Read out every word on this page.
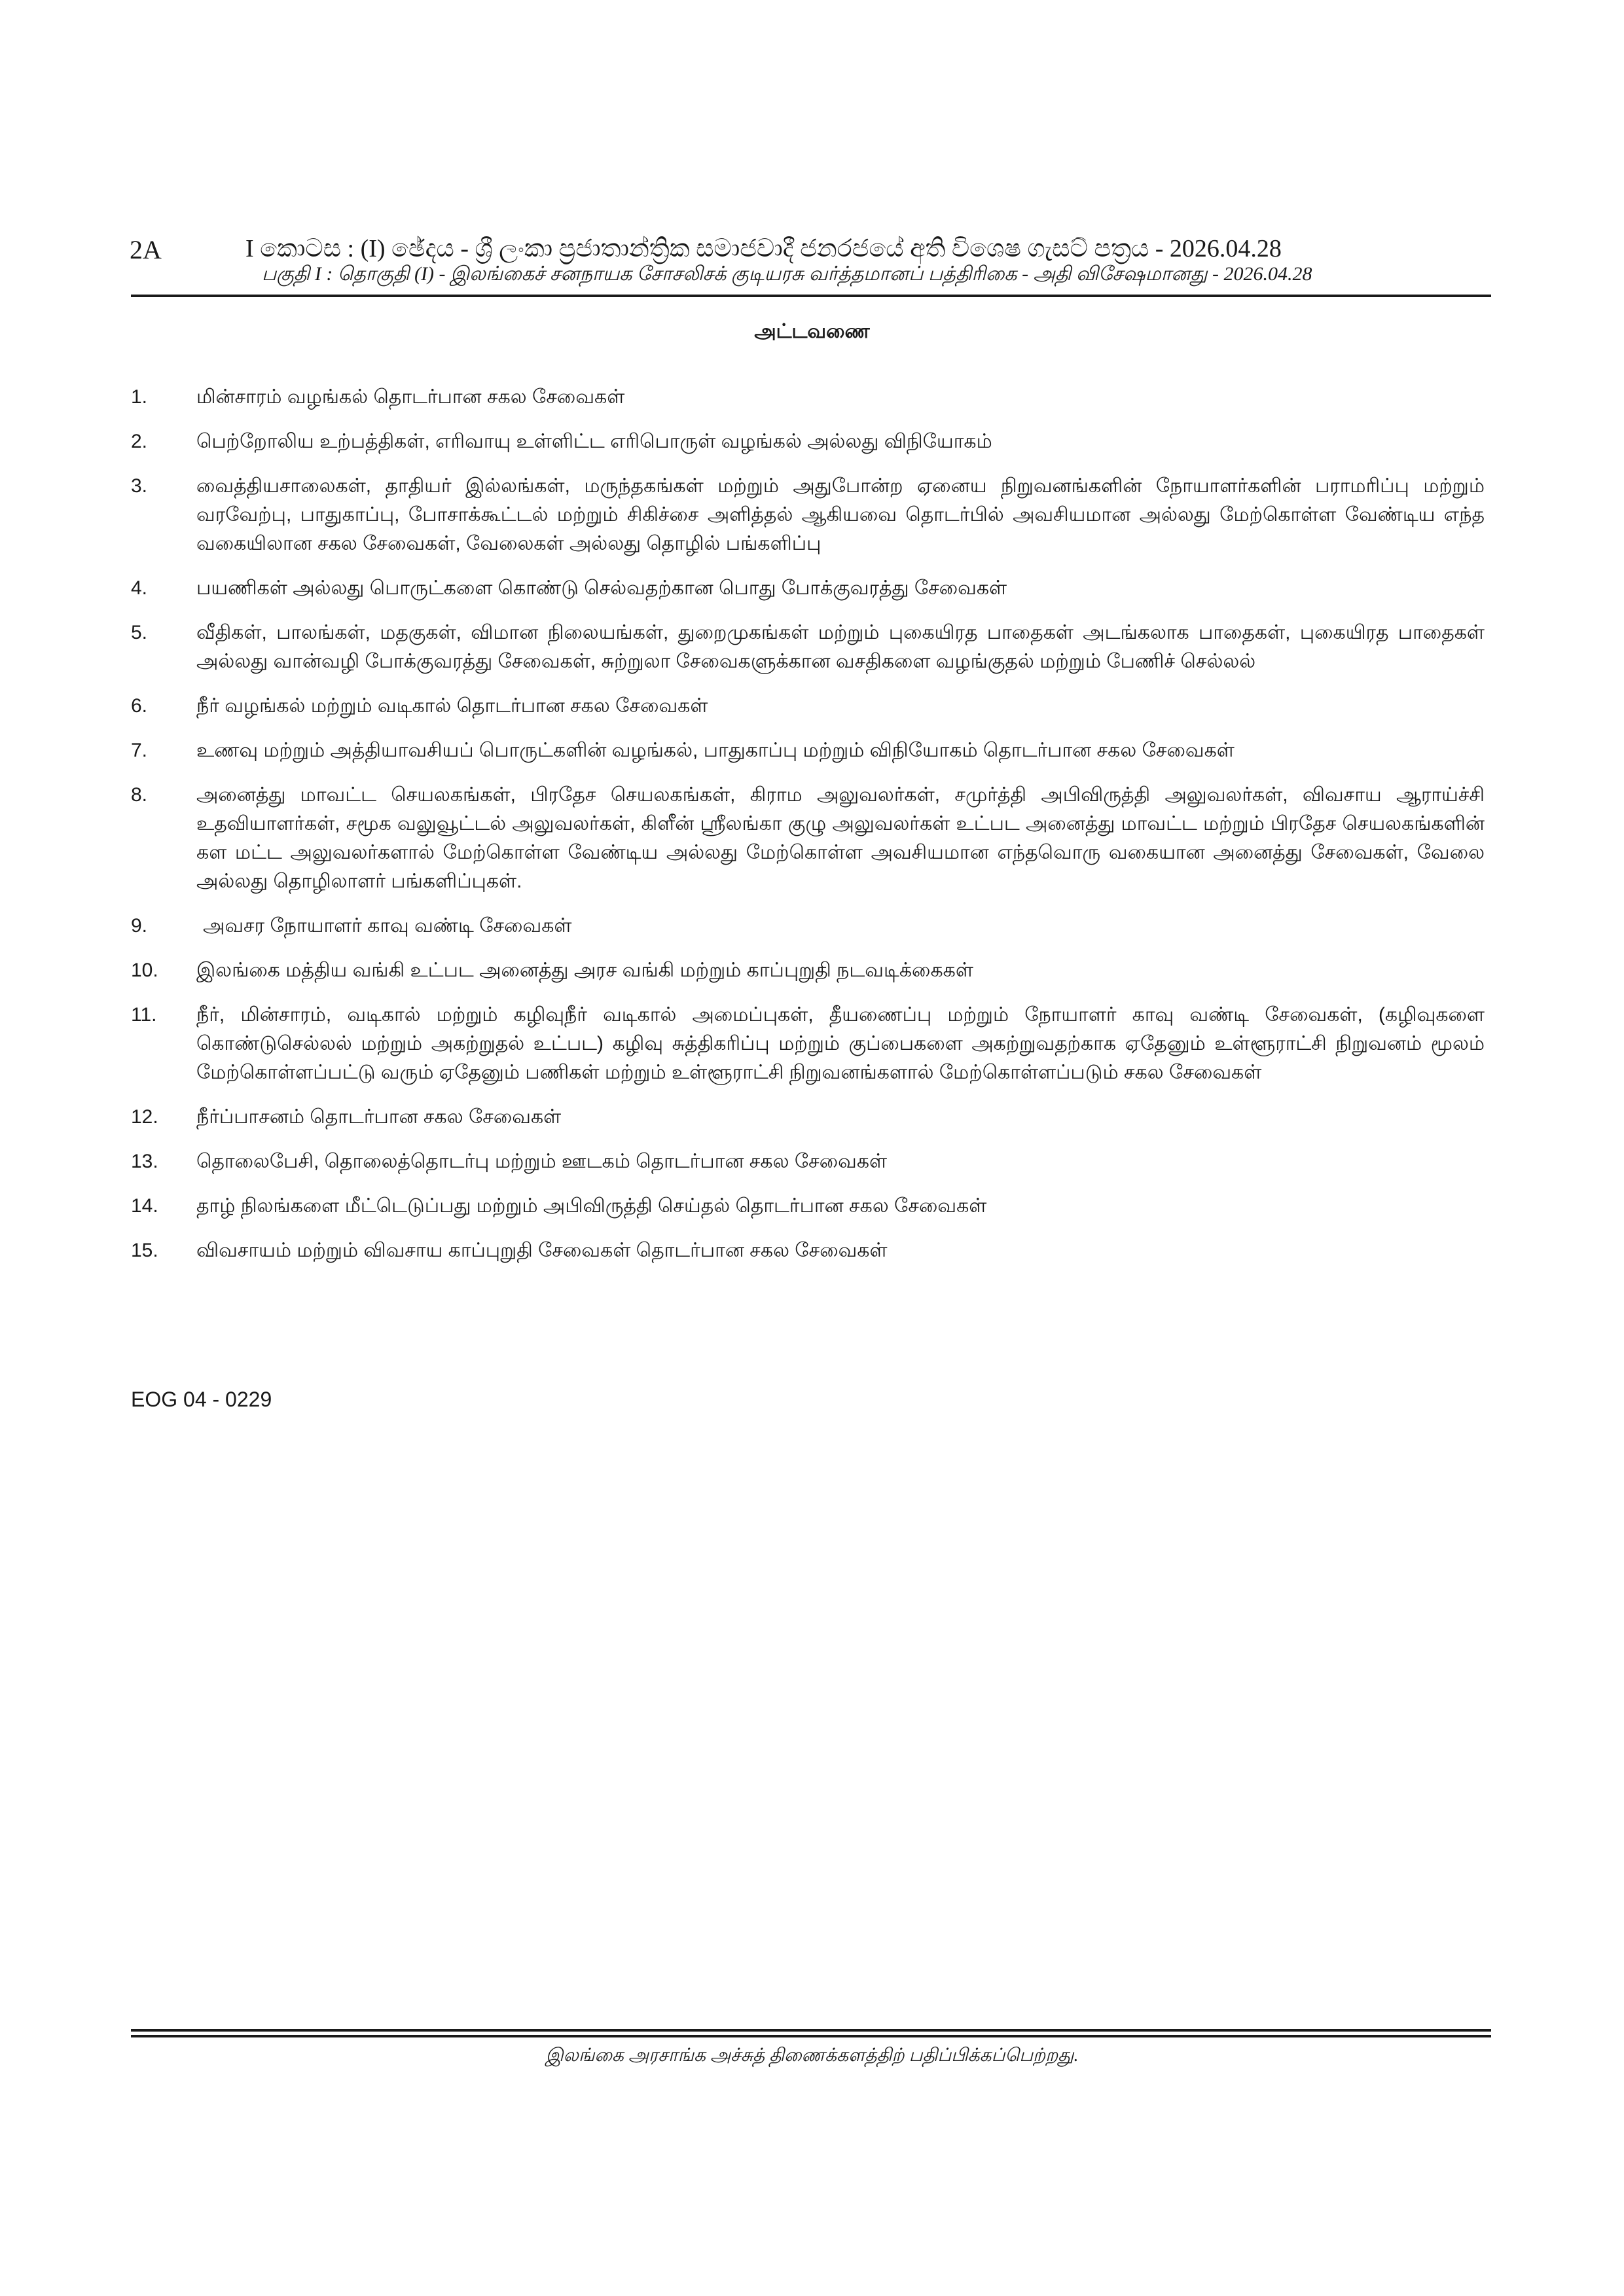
2A	I කොටස : (I) ඡේදය - ශ්‍රී ලංකා ප්‍රජාතාන්ත්‍රික සමාජවාදී ජනරජයේ අති විශෙෂ ගැසට් පත්‍රය - 2026.04.28
பகுதி I : தொகுதி (I) - இலங்கைச் சனநாயக சோசலிசக் குடியரசு வர்த்தமானப் பத்திரிகை - அதி விசேஷமானது - 2026.04.28
அட்டவணை
1.	மின்சாரம் வழங்கல் தொடர்பான சகல சேவைகள்
2.	பெற்றோலிய உற்பத்திகள், எரிவாயு உள்ளிட்ட எரிபொருள் வழங்கல் அல்லது விநியோகம்
3.	வைத்தியசாலைகள், தாதியர் இல்லங்கள், மருந்தகங்கள் மற்றும் அதுபோன்ற ஏனைய நிறுவனங்களின் நோயாளர்களின் பராமரிப்பு மற்றும் வரவேற்பு, பாதுகாப்பு, போசாக்கூட்டல் மற்றும் சிகிச்சை அளித்தல் ஆகியவை தொடர்பில் அவசியமான அல்லது மேற்கொள்ள வேண்டிய எந்த வகையிலான சகல சேவைகள், வேலைகள் அல்லது தொழில் பங்களிப்பு
4.	பயணிகள் அல்லது பொருட்களை கொண்டு செல்வதற்கான பொது போக்குவரத்து சேவைகள்
5.	வீதிகள், பாலங்கள், மதகுகள், விமான நிலையங்கள், துறைமுகங்கள் மற்றும் புகையிரத பாதைகள் அடங்கலாக பாதைகள், புகையிரத பாதைகள் அல்லது வான்வழி போக்குவரத்து சேவைகள், சுற்றுலா சேவைகளுக்கான வசதிகளை வழங்குதல் மற்றும் பேணிச் செல்லல்
6.	நீர் வழங்கல் மற்றும் வடிகால் தொடர்பான சகல சேவைகள்
7.	உணவு மற்றும் அத்தியாவசியப் பொருட்களின் வழங்கல், பாதுகாப்பு மற்றும் விநியோகம் தொடர்பான சகல சேவைகள்
8.	அனைத்து மாவட்ட செயலகங்கள், பிரதேச செயலகங்கள், கிராம அலுவலர்கள், சமுர்த்தி அபிவிருத்தி அலுவலர்கள், விவசாய ஆராய்ச்சி உதவியாளர்கள், சமூக வலுவூட்டல் அலுவலர்கள், கிளீன் ஸ்ரீலங்கா குழு அலுவலர்கள் உட்பட அனைத்து மாவட்ட மற்றும் பிரதேச செயலகங்களின் கள மட்ட அலுவலர்களால் மேற்கொள்ள வேண்டிய அல்லது மேற்கொள்ள அவசியமான எந்தவொரு வகையான அனைத்து சேவைகள், வேலை அல்லது தொழிலாளர் பங்களிப்புகள்.
9.	அவசர நோயாளர் காவு வண்டி சேவைகள்
10.	இலங்கை மத்திய வங்கி உட்பட அனைத்து அரச வங்கி மற்றும் காப்புறுதி நடவடிக்கைகள்
11.	நீர், மின்சாரம், வடிகால் மற்றும் கழிவுநீர் வடிகால் அமைப்புகள், தீயணைப்பு மற்றும் நோயாளர் காவு வண்டி சேவைகள், (கழிவுகளை கொண்டுசெல்லல் மற்றும் அகற்றுதல் உட்பட) கழிவு சுத்திகரிப்பு மற்றும் குப்பைகளை அகற்றுவதற்காக ஏதேனும் உள்ளூராட்சி நிறுவனம் மூலம் மேற்கொள்ளப்பட்டு வரும் ஏதேனும் பணிகள் மற்றும் உள்ளூராட்சி நிறுவனங்களால் மேற்கொள்ளப்படும் சகல சேவைகள்
12.	நீர்ப்பாசனம் தொடர்பான சகல சேவைகள்
13.	தொலைபேசி, தொலைத்தொடர்பு மற்றும் ஊடகம் தொடர்பான சகல சேவைகள்
14.	தாழ் நிலங்களை மீட்டெடுப்பது மற்றும் அபிவிருத்தி செய்தல் தொடர்பான சகல சேவைகள்
15.	விவசாயம் மற்றும் விவசாய காப்புறுதி சேவைகள் தொடர்பான சகல சேவைகள்
EOG 04 - 0229
இலங்கை அரசாங்க அச்சுத் திணைக்களத்திற் பதிப்பிக்கப்பெற்றது.
